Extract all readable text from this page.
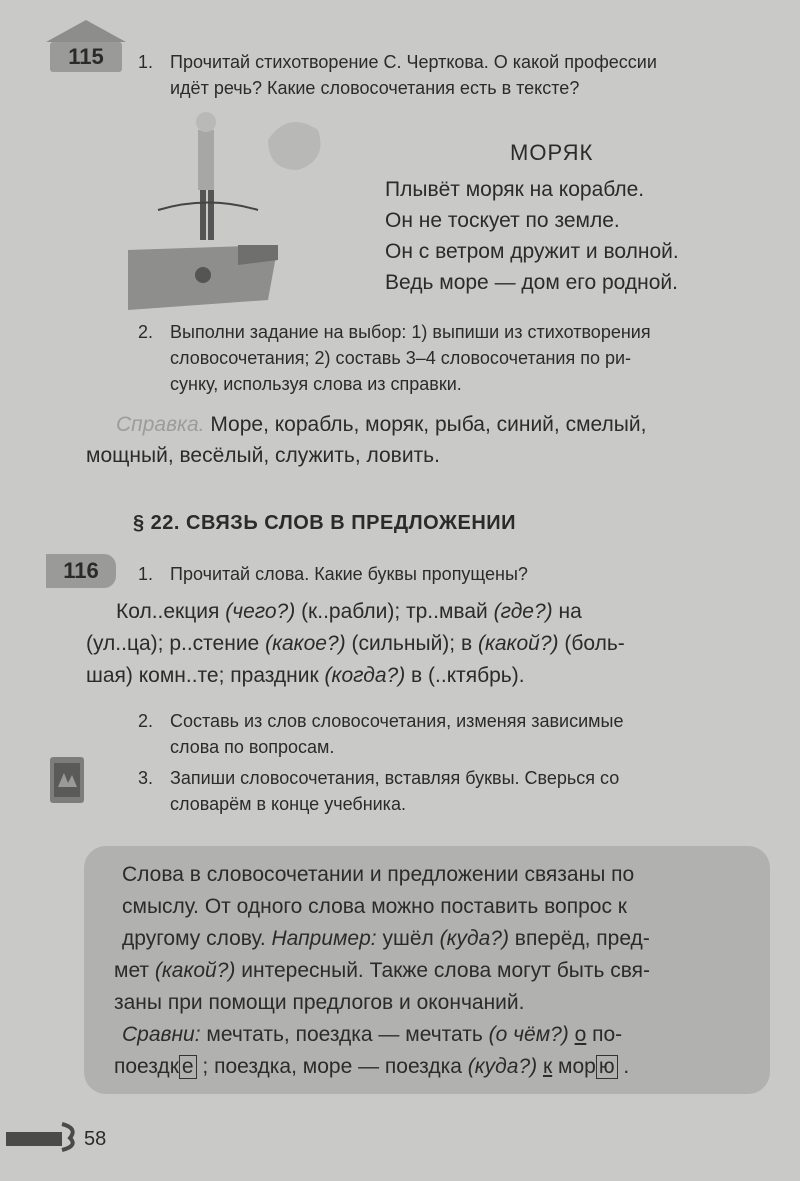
115	1. Прочитай стихотворение С. Черткова. О какой профессии
идёт речь? Какие словосочетания есть в тексте?
МОРЯК
Плывёт моряк на корабле.
Он не тоскует по земле.
Он с ветром дружит и волной.
Ведь море — дом его родной.
2. Выполни задание на выбор: 1) выпиши из стихотворения
словосочетания; 2) составь 3–4 словосочетания по ри-
сунку, используя слова из справки.
Справка. Море, корабль, моряк, рыба, синий, смелый,
мощный, весёлый, служить, ловить.
§ 22. СВЯЗЬ СЛОВ В ПРЕДЛОЖЕНИИ
116	1. Прочитай слова. Какие буквы пропущены?
Кол..екция (чего?) (к..рабли); тр..мвай (где?) на
(ул..ца); р..стение (какое?) (сильный); в (какой?) (боль-
шая) комн..те; праздник (когда?) в (..ктябрь).
2. Составь из слов словосочетания, изменяя зависимые
слова по вопросам.
3. Запиши словосочетания, вставляя буквы. Сверься со
словарём в конце учебника.
Слова в словосочетании и предложении связаны по
смыслу. От одного слова можно поставить вопрос к
другому слову. Например: ушёл (куда?) вперёд, пред-
мет (какой?) интересный. Также слова могут быть свя-
заны при помощи предлогов и окончаний.
Сравни: мечтать, поездка — мечтать (о чём?) о по-
поездк е ; поездка, море — поездка (куда?) к мор ю .
58
